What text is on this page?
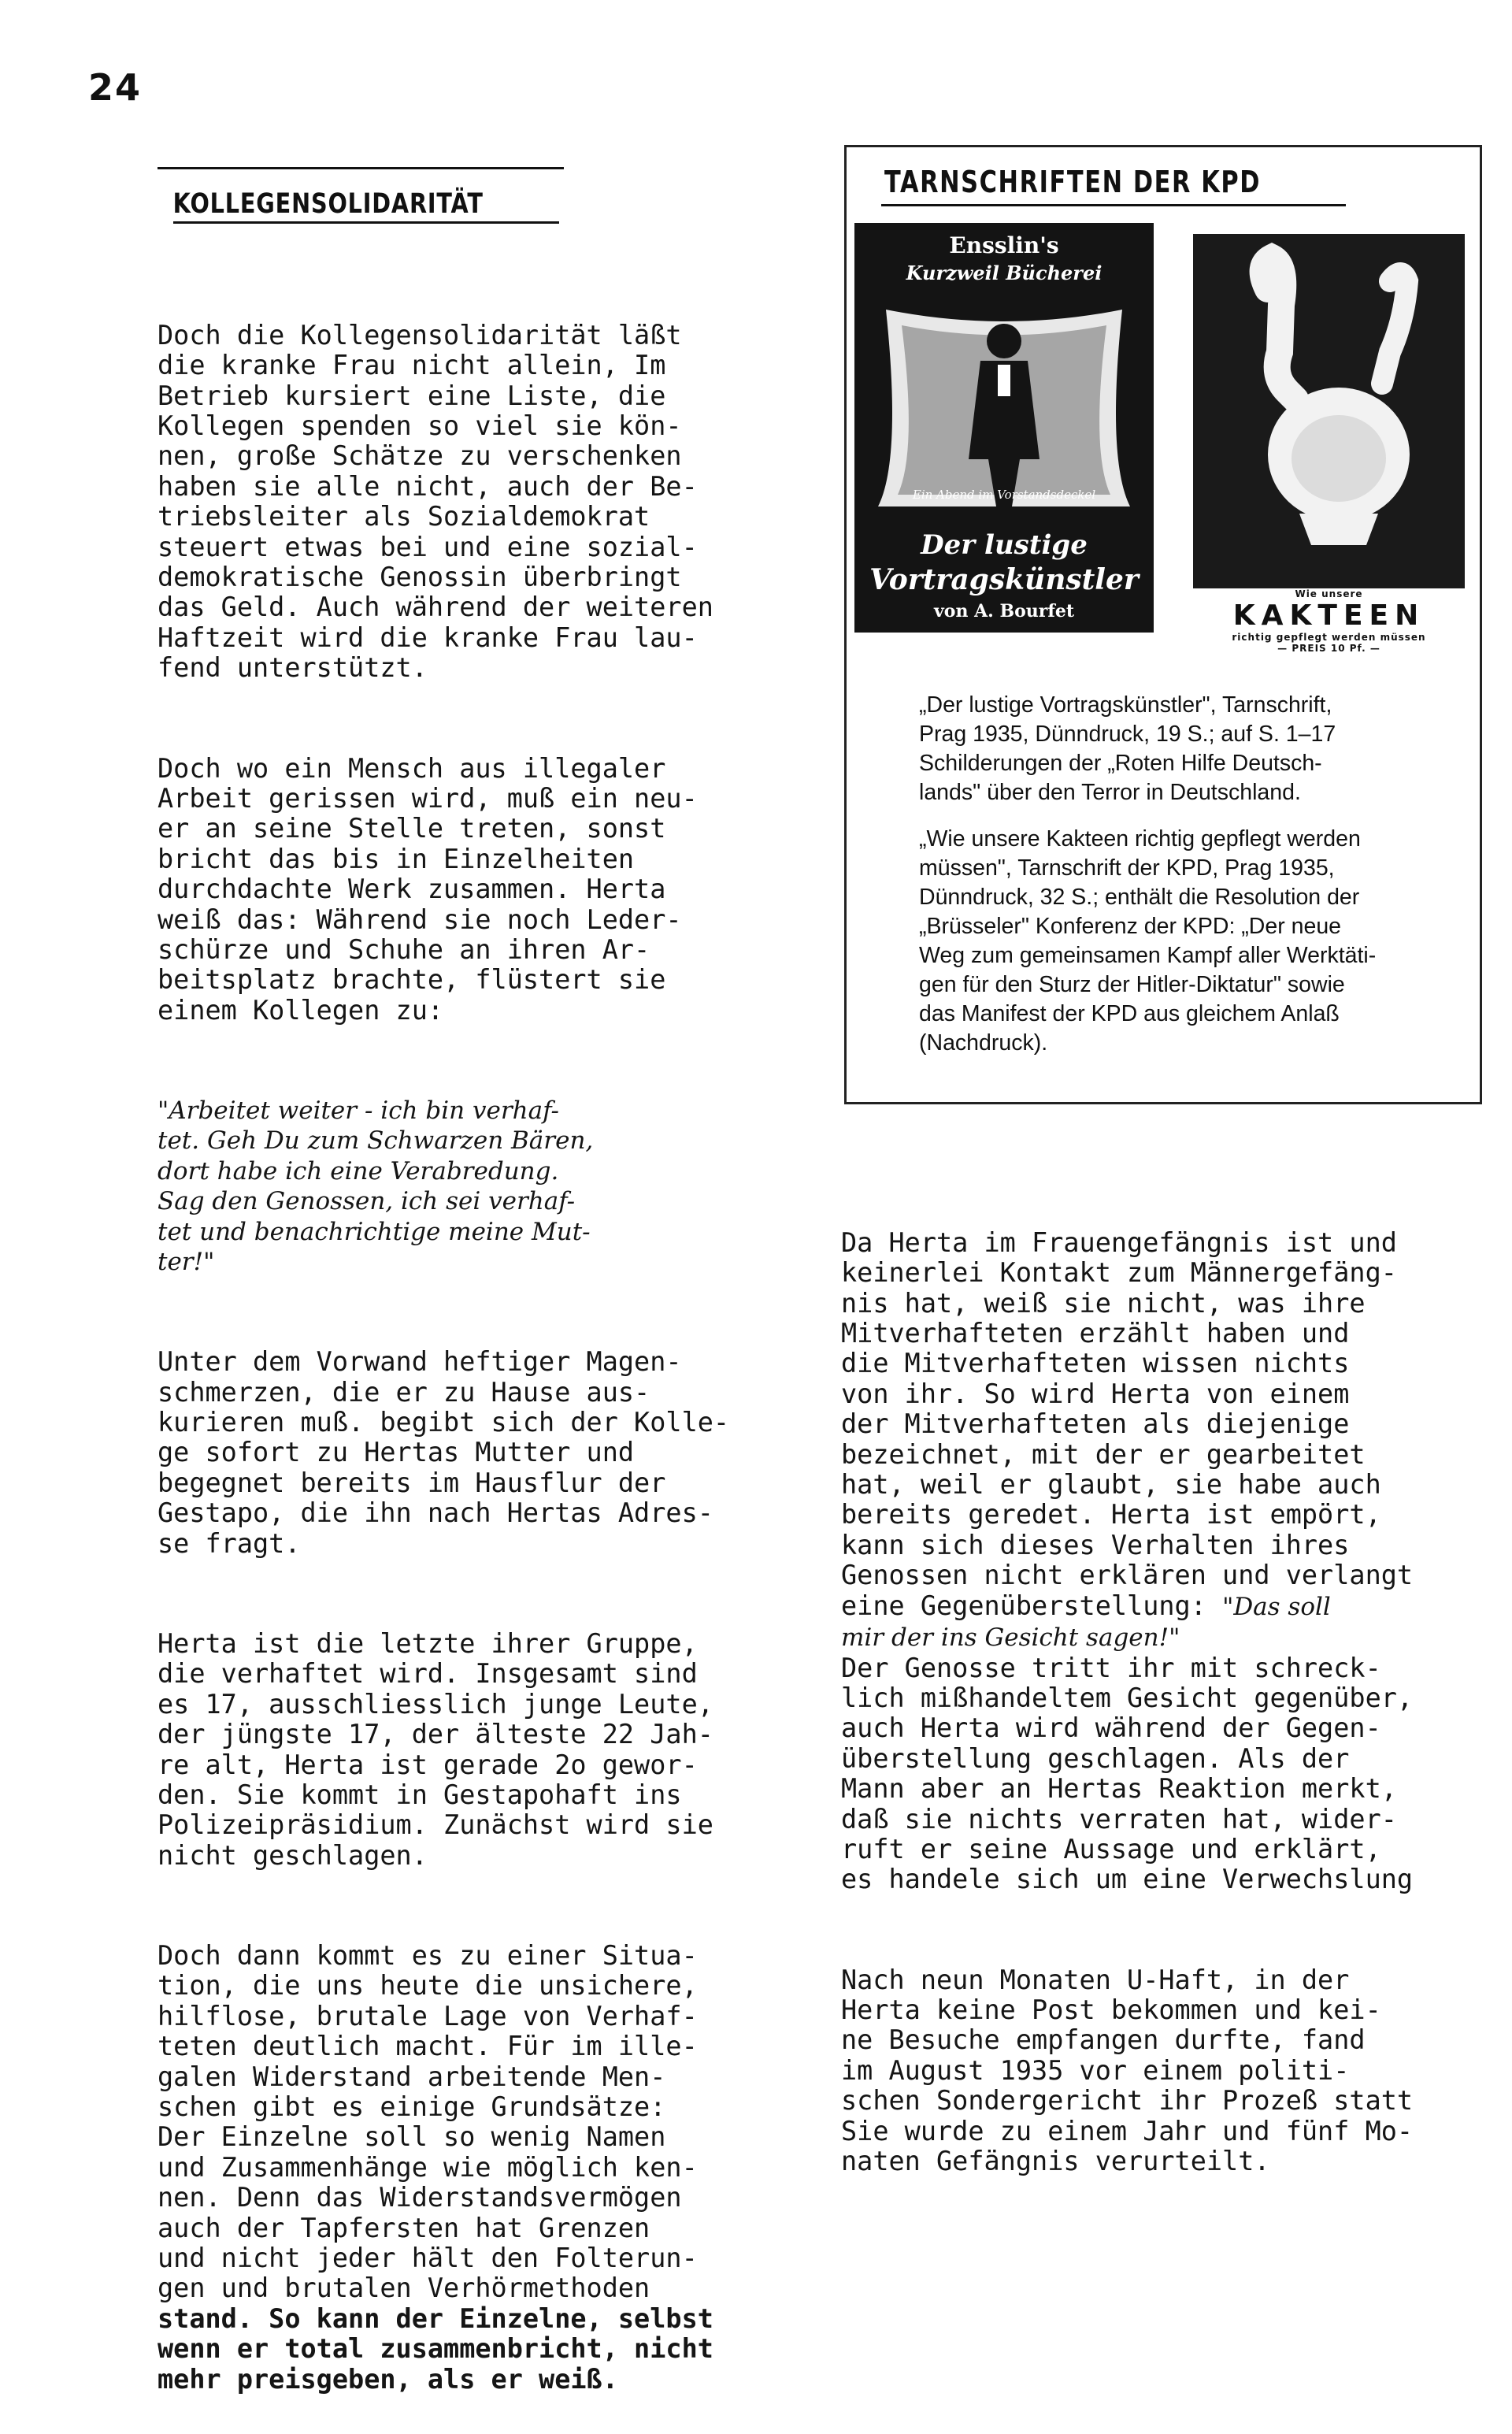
24
KOLLEGENSOLIDARITÄT

Doch die Kollegensolidarität läßt
die kranke Frau nicht allein, Im
Betrieb kursiert eine Liste, die
Kollegen spenden so viel sie kön-
nen, große Schätze zu verschenken
haben sie alle nicht, auch der Be-
triebsleiter als Sozialdemokrat
steuert etwas bei und eine sozial-
demokratische Genossin überbringt
das Geld. Auch während der weiteren
Haftzeit wird die kranke Frau lau-
fend unterstützt.

Doch wo ein Mensch aus illegaler
Arbeit gerissen wird, muß ein neu-
er an seine Stelle treten, sonst
bricht das bis in Einzelheiten
durchdachte Werk zusammen. Herta
weiß das: Während sie noch Leder-
schürze und Schuhe an ihren Ar-
beitsplatz brachte, flüstert sie
einem Kollegen zu:

"Arbeitet weiter - ich bin verhaf-
tet. Geh Du zum Schwarzen Bären,
dort habe ich eine Verabredung.
Sag den Genossen, ich sei verhaf-
tet und benachrichtige meine Mut-
ter!"

Unter dem Vorwand heftiger Magen-
schmerzen, die er zu Hause aus-
kurieren muß. begibt sich der Kolle-
ge sofort zu Hertas Mutter und
begegnet bereits im Hausflur der
Gestapo, die ihn nach Hertas Adres-
se fragt.

Herta ist die letzte ihrer Gruppe,
die verhaftet wird. Insgesamt sind
es 17, ausschliesslich junge Leute,
der jüngste 17, der älteste 22 Jah-
re alt, Herta ist gerade 2o gewor-
den. Sie kommt in Gestapohaft ins
Polizeipräsidium. Zunächst wird sie
nicht geschlagen.

Doch dann kommt es zu einer Situa-
tion, die uns heute die unsichere,
hilflose, brutale Lage von Verhaf-
teten deutlich macht. Für im ille-
galen Widerstand arbeitende Men-
schen gibt es einige Grundsätze:
Der Einzelne soll so wenig Namen
und Zusammenhänge wie möglich ken-
nen. Denn das Widerstandsvermögen
auch der Tapfersten hat Grenzen
und nicht jeder hält den Folterun-
gen und brutalen Verhörmethoden
stand. So kann der Einzelne, selbst
wenn er total zusammenbricht, nicht
mehr preisgeben, als er weiß.

TARNSCHRIFTEN DER KPD
Ensslin's
Kurzweil Bücherei
Ein Abend im Vorstandsdeckel
Der lustige
Vortragskünstler
von A. Bourfet
Wie unsere
KAKTEEN
richtig gepflegt werden müssen
— PREIS 10 Pf. —
„Der lustige Vortragskünstler", Tarnschrift,
Prag 1935, Dünndruck, 19 S.; auf S. 1–17
Schilderungen der „Roten Hilfe Deutsch-
lands" über den Terror in Deutschland.
„Wie unsere Kakteen richtig gepflegt werden
müssen", Tarnschrift der KPD, Prag 1935,
Dünndruck, 32 S.; enthält die Resolution der
„Brüsseler" Konferenz der KPD: „Der neue
Weg zum gemeinsamen Kampf aller Werktäti-
gen für den Sturz der Hitler-Diktatur" sowie
das Manifest der KPD aus gleichem Anlaß
(Nachdruck).

Da Herta im Frauengefängnis ist und
keinerlei Kontakt zum Männergefäng-
nis hat, weiß sie nicht, was ihre
Mitverhafteten erzählt haben und
die Mitverhafteten wissen nichts
von ihr. So wird Herta von einem
der Mitverhafteten als diejenige
bezeichnet, mit der er gearbeitet
hat, weil er glaubt, sie habe auch
bereits geredet. Herta ist empört,
kann sich dieses Verhalten ihres
Genossen nicht erklären und verlangt
eine Gegenüberstellung: "Das soll
mir der ins Gesicht sagen!"
Der Genosse tritt ihr mit schreck-
lich mißhandeltem Gesicht gegenüber,
auch Herta wird während der Gegen-
überstellung geschlagen. Als der
Mann aber an Hertas Reaktion merkt,
daß sie nichts verraten hat, wider-
ruft er seine Aussage und erklärt,
es handele sich um eine Verwechslung

Nach neun Monaten U-Haft, in der
Herta keine Post bekommen und kei-
ne Besuche empfangen durfte, fand
im August 1935 vor einem politi-
schen Sondergericht ihr Prozeß statt
Sie wurde zu einem Jahr und fünf Mo-
naten Gefängnis verurteilt.
